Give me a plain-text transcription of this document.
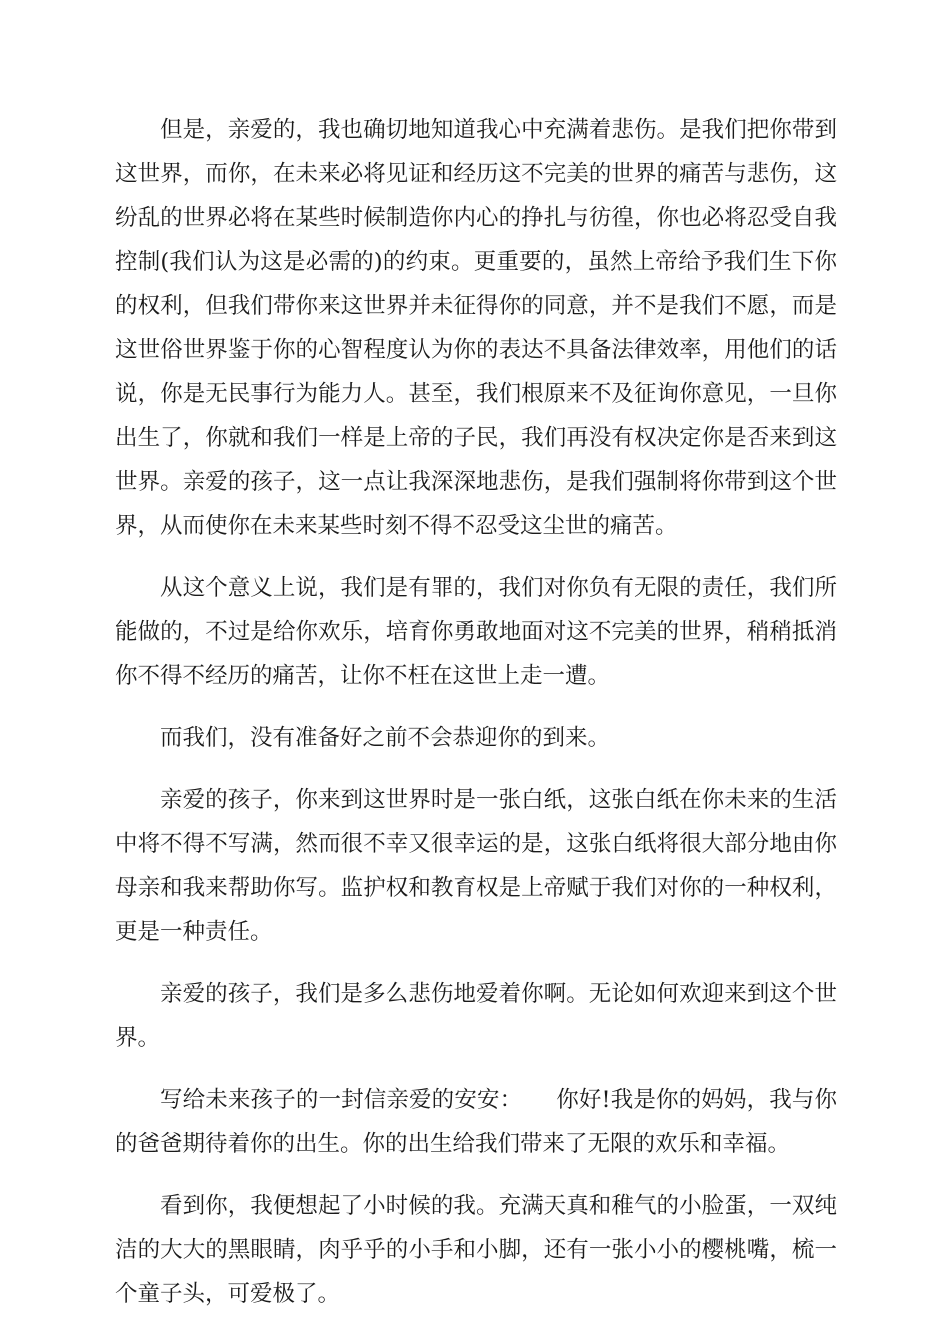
但是，亲爱的，我也确切地知道我心中充满着悲伤。是我们把你带到这世界，而你，在未来必将见证和经历这不完美的世界的痛苦与悲伤，这纷乱的世界必将在某些时候制造你内心的挣扎与彷徨，你也必将忍受自我控制(我们认为这是必需的)的约束。更重要的，虽然上帝给予我们生下你的权利，但我们带你来这世界并未征得你的同意，并不是我们不愿，而是这世俗世界鉴于你的心智程度认为你的表达不具备法律效率，用他们的话说，你是无民事行为能力人。甚至，我们根原来不及征询你意见，一旦你出生了，你就和我们一样是上帝的子民，我们再没有权决定你是否来到这世界。亲爱的孩子，这一点让我深深地悲伤，是我们强制将你带到这个世界，从而使你在未来某些时刻不得不忍受这尘世的痛苦。

从这个意义上说，我们是有罪的，我们对你负有无限的责任，我们所能做的，不过是给你欢乐，培育你勇敢地面对这不完美的世界，稍稍抵消你不得不经历的痛苦，让你不枉在这世上走一遭。

而我们，没有准备好之前不会恭迎你的到来。

亲爱的孩子，你来到这世界时是一张白纸，这张白纸在你未来的生活中将不得不写满，然而很不幸又很幸运的是，这张白纸将很大部分地由你母亲和我来帮助你写。监护权和教育权是上帝赋于我们对你的一种权利，更是一种责任。

亲爱的孩子，我们是多么悲伤地爱着你啊。无论如何欢迎来到这个世界。

写给未来孩子的一封信亲爱的安安：　　你好!我是你的妈妈，我与你的爸爸期待着你的出生。你的出生给我们带来了无限的欢乐和幸福。

看到你，我便想起了小时候的我。充满天真和稚气的小脸蛋，一双纯洁的大大的黑眼睛，肉乎乎的小手和小脚，还有一张小小的樱桃嘴，梳一个童子头，可爱极了。
